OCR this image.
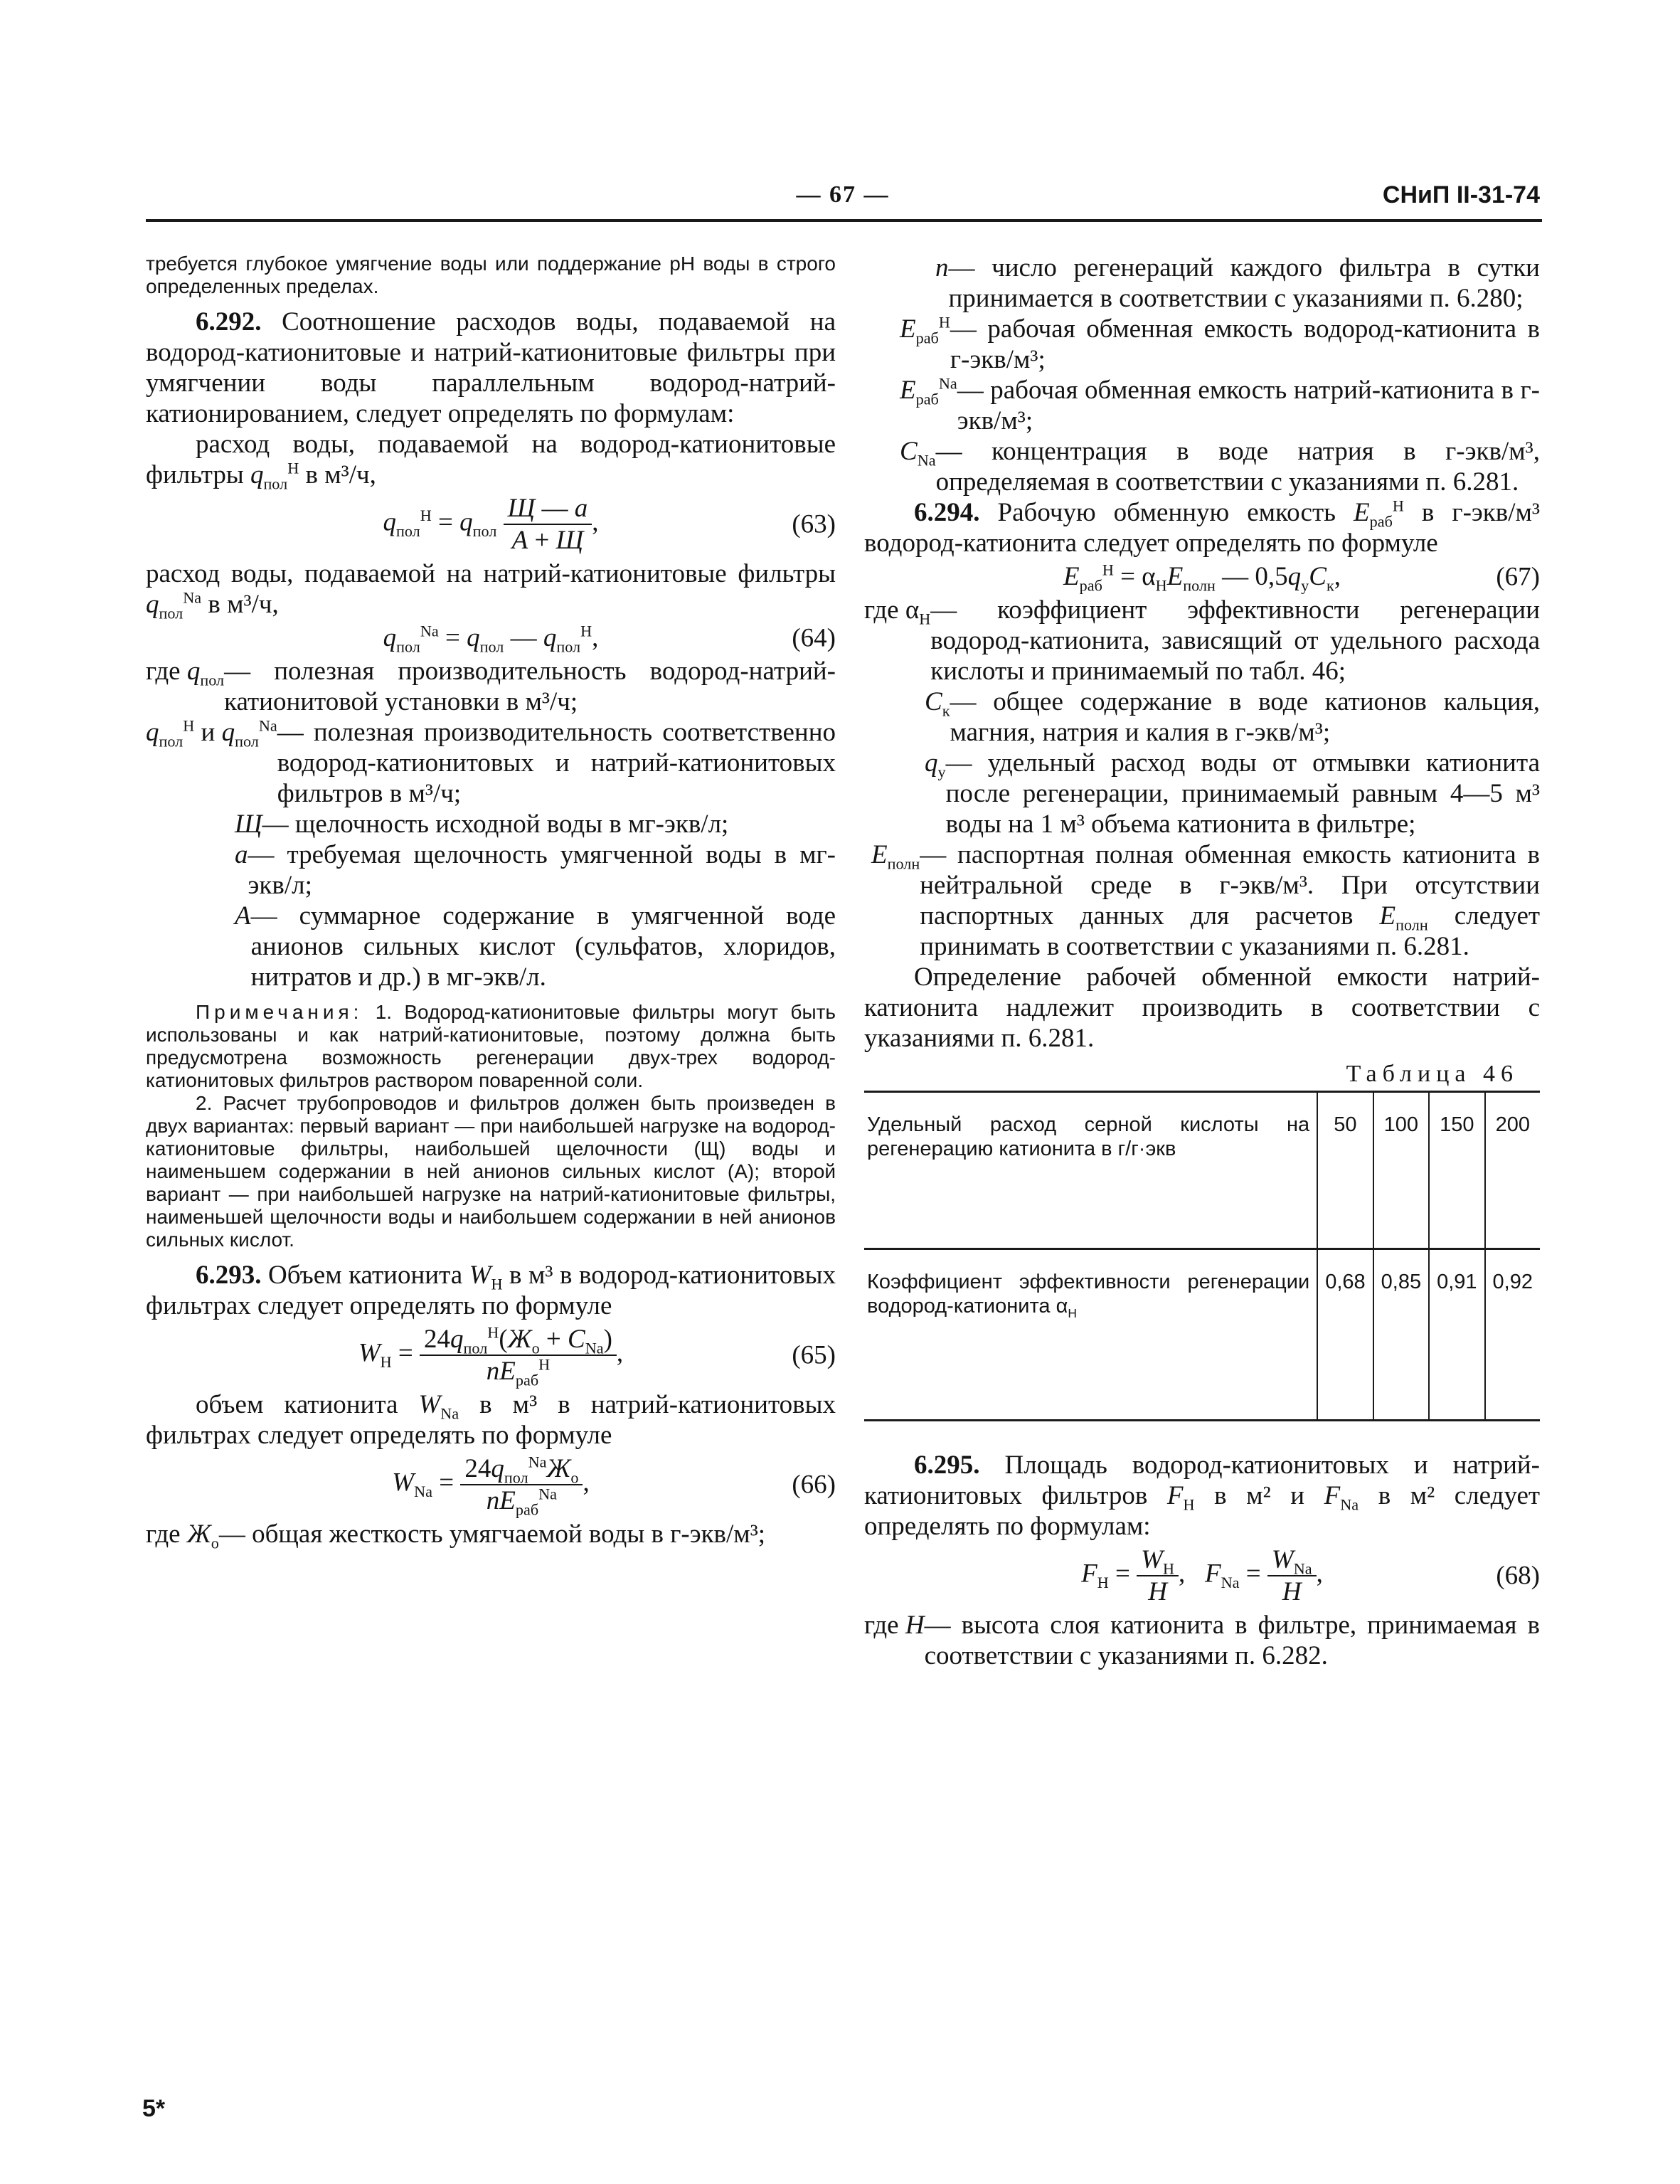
— 67 —	СНиП II-31-74

требуется глубокое умягчение воды или поддержание pH воды в строго определенных пределах.

6.292. Соотношение расходов воды, подаваемой на водород-катионитовые и натрий-катионитовые фильтры при умягчении воды параллельным водород-натрий-катионированием, следует определять по формулам:

расход воды, подаваемой на водород-катионитовые фильтры $q_{пол}^H$ в м³/ч,

$q_{пол}^H = q_{пол} \frac{Щ — a}{A + Щ}$ ,	(63)

расход воды, подаваемой на натрий-катионитовые фильтры $q_{пол}^{Na}$ в м³/ч,

$q_{пол}^{Na} = q_{пол}$ — $q_{пол}^H$,	(64)
где $q_{пол}$ — полезная производительность водород-натрий-катионитовой установки в м³/ч;
$q_{пол}^H$ и $q_{пол}^{Na}$ — полезная производительность соответственно водород-катионитовых и натрий-катионитовых фильтров в м³/ч;
Щ — щелочность исходной воды в мг-экв/л;
a — требуемая щелочность умягченной воды в мг-экв/л;
A — суммарное содержание в умягченной воде анионов сильных кислот (сульфатов, хлоридов, нитратов и др.) в мг-экв/л.

Примечания: 1. Водород-катионитовые фильтры могут быть использованы и как натрий-катионитовые, поэтому должна быть предусмотрена возможность регенерации двух-трех водород-катионитовых фильтров раствором поваренной соли.

2. Расчет трубопроводов и фильтров должен быть произведен в двух вариантах: первый вариант — при наибольшей нагрузке на водород-катионитовые фильтры, наибольшей щелочности (Щ) воды и наименьшем содержании в ней анионов сильных кислот (А); второй вариант — при наибольшей нагрузке на натрий-катионитовые фильтры, наименьшей щелочности воды и наибольшем содержании в ней анионов сильных кислот.

6.293. Объем катионита $W_H$ в м³ в водород-катионитовых фильтрах следует определять по формуле

$W_H = \frac{24q_{пол}^H(Ж_o + C_{Na})}{nE_{раб}^H}$ ,	(65)

объем катионита $W_{Na}$ в м³ в натрий-катионитовых фильтрах следует определять по формуле

$W_{Na} = \frac{24q_{пол}^{Na}Ж_o}{nE_{раб}^{Na}}$ ,	(66)
где $Ж_o$ — общая жесткость умягчаемой воды в г-экв/м³;
n — число регенераций каждого фильтра в сутки принимается в соответствии с указаниями п. 6.280;
$E_{раб}^H$ — рабочая обменная емкость водород-катионита в г-экв/м³;
$E_{раб}^{Na}$ — рабочая обменная емкость натрий-катионита в г-экв/м³;
$C_{Na}$ — концентрация в воде натрия в г-экв/м³, определяемая в соответствии с указаниями п. 6.281.

6.294. Рабочую обменную емкость $E_{раб}^H$ в г-экв/м³ водород-катионита следует определять по формуле

$E_{раб}^H = \alpha_HE_{полн}$ — $0,5q_уC_к$,	(67)
где $\alpha_H$ — коэффициент эффективности регенерации водород-катионита, зависящий от удельного расхода кислоты и принимаемый по табл. 46;
$C_к$ — общее содержание в воде катионов кальция, магния, натрия и калия в г-экв/м³;
$q_у$ — удельный расход воды от отмывки катионита после регенерации, принимаемый равным 4—5 м³ воды на 1 м³ объема катионита в фильтре;
$E_{полн}$ — паспортная полная обменная емкость катионита в нейтральной среде в г-экв/м³. При отсутствии паспортных данных для расчетов $E_{полн}$ следует принимать в соответствии с указаниями п. 6.281.

Определение рабочей обменной емкости натрий-катионита надлежит производить в соответствии с указаниями п. 6.281.

Таблица 46
Удельный расход серной кислоты на регенерацию катионита в г/г·экв	50	100	150	200
Коэффициент эффективности регенерации водород-катионита $\alpha_H$	0,68	0,85	0,91	0,92

6.295. Площадь водород-катионитовых и натрий-катионитовых фильтров $F_H$ в м² и $F_{Na}$ в м² следует определять по формулам:

$F_H = \frac{W_H}{H}$ ,   $F_{Na} = \frac{W_{Na}}{H}$ ,	(68)
где H — высота слоя катионита в фильтре, принимаемая в соответствии с указаниями п. 6.282.
5*
